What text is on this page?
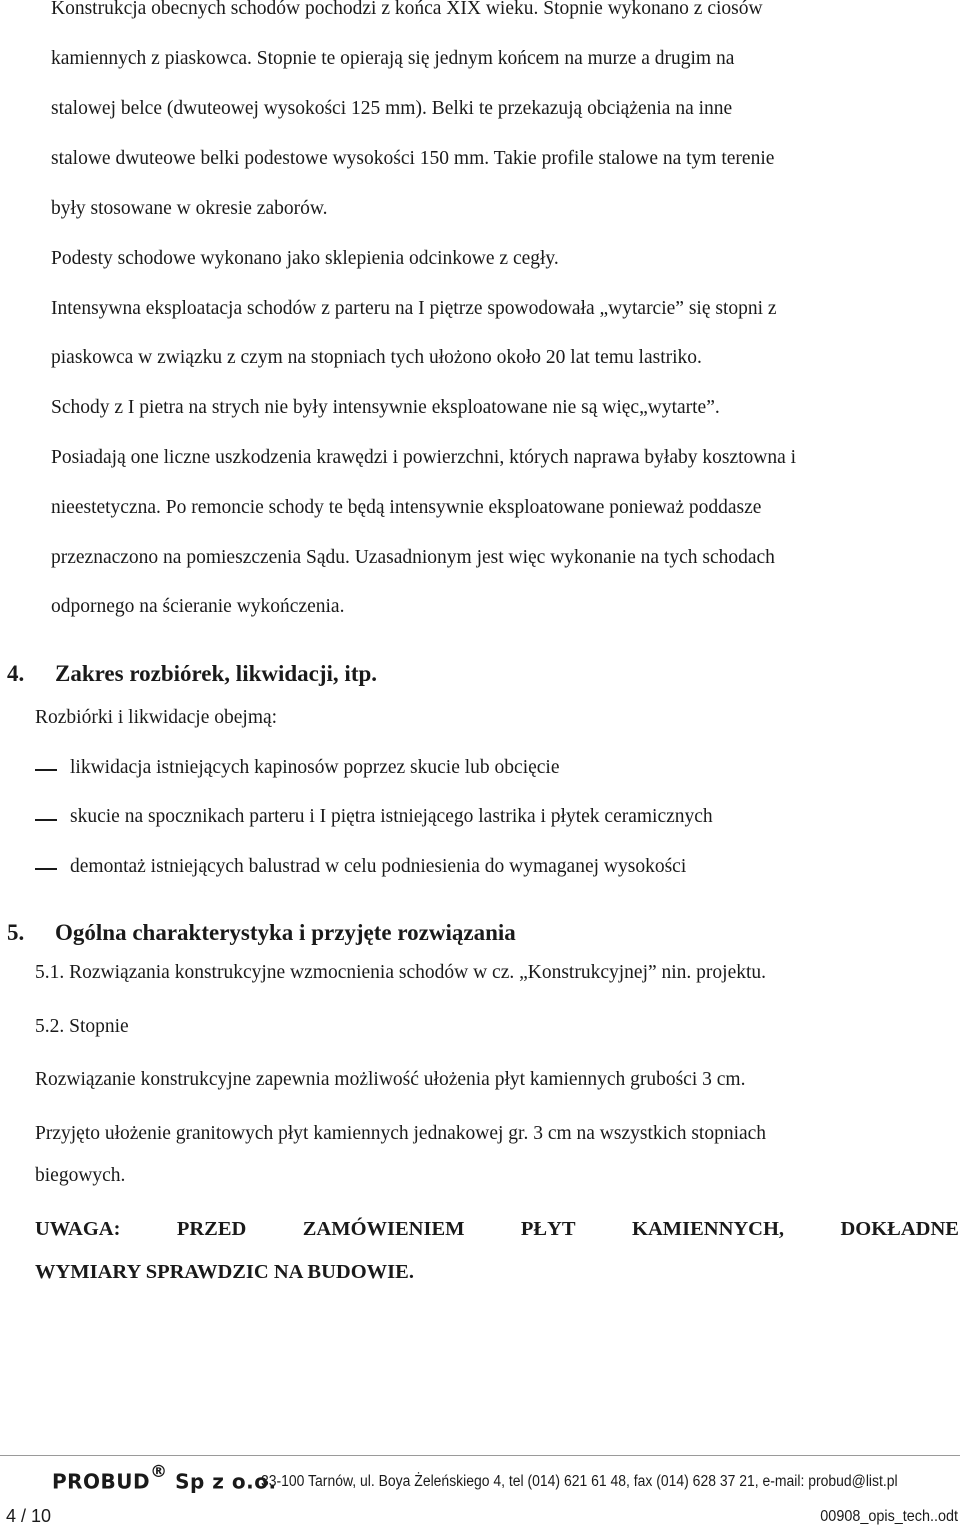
Konstrukcja obecnych schodów pochodzi z końca XIX wieku. Stopnie wykonano z ciosów
kamiennych z piaskowca. Stopnie te opierają się jednym końcem na murze a drugim na
stalowej belce (dwuteowej wysokości 125 mm). Belki te przekazują obciążenia na inne
stalowe dwuteowe belki podestowe wysokości 150 mm. Takie profile stalowe na tym terenie
były stosowane w okresie zaborów.
Podesty schodowe wykonano jako sklepienia odcinkowe z cegły.
Intensywna eksploatacja schodów z parteru na I piętrze spowodowała „wytarcie” się stopni z
piaskowca w związku z czym na stopniach tych ułożono około 20 lat temu lastriko.
Schody z I pietra na strych nie były intensywnie eksploatowane nie są więc„wytarte”.
Posiadają one liczne uszkodzenia krawędzi i powierzchni, których naprawa byłaby kosztowna i
nieestetyczna. Po remoncie schody te będą intensywnie eksploatowane ponieważ poddasze
przeznaczono na pomieszczenia Sądu. Uzasadnionym jest więc wykonanie na tych schodach
odpornego na ścieranie wykończenia.
4. Zakres rozbiórek, likwidacji, itp.
Rozbiórki i likwidacje obejmą:
likwidacja istniejących kapinosów poprzez skucie lub obcięcie
skucie na spocznikach parteru i I piętra istniejącego lastrika i płytek ceramicznych
demontaż istniejących balustrad w celu podniesienia do wymaganej wysokości
5. Ogólna charakterystyka i przyjęte rozwiązania
5.1. Rozwiązania konstrukcyjne wzmocnienia schodów w cz. „Konstrukcyjnej” nin. projektu.
5.2. Stopnie
Rozwiązanie konstrukcyjne zapewnia możliwość ułożenia płyt kamiennych grubości 3 cm.
Przyjęto ułożenie granitowych płyt kamiennych jednakowej gr. 3 cm na wszystkich stopniach
biegowych.
UWAGA:	PRZED	ZAMÓWIENIEM	PŁYT	KAMIENNYCH,	DOKŁADNE
WYMIARY SPRAWDZIC NA BUDOWIE.
PROBUD® Sp z o.o.
33-100 Tarnów, ul. Boya Żeleńskiego 4, tel (014) 621 61 48, fax (014) 628 37 21, e-mail: probud@list.pl
4 / 10	00908_opis_tech..odt
